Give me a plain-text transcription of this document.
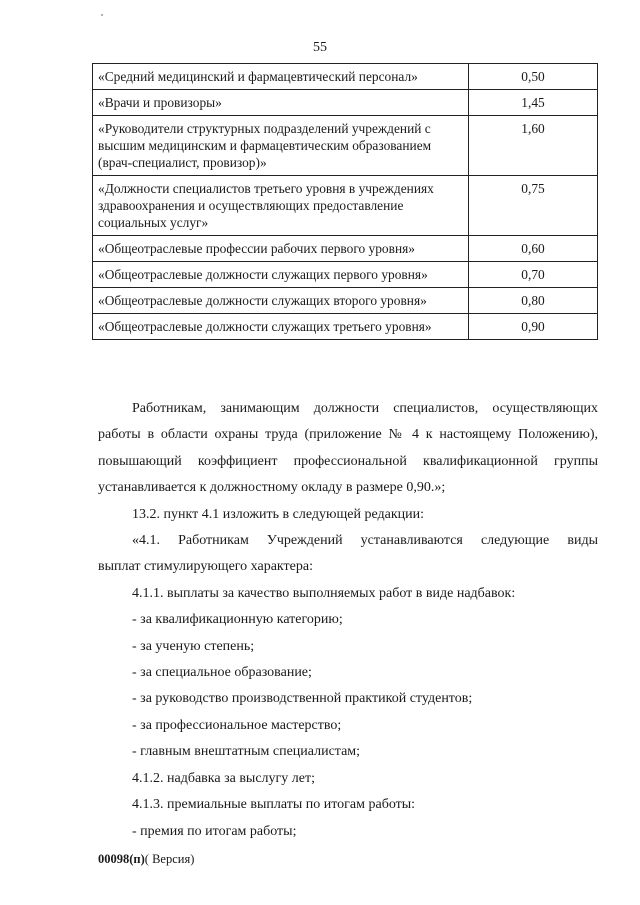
55
«Средний медицинский и фармацевтический персонал»	0,50
«Врачи и провизоры»	1,45
«Руководители структурных подразделений учреждений с высшим медицинским и фармацевтическим образованием (врач-специалист, провизор)»	1,60
«Должности специалистов третьего уровня в учреждениях здравоохранения и осуществляющих предоставление социальных услуг»	0,75
«Общеотраслевые профессии рабочих первого уровня»	0,60
«Общеотраслевые должности служащих первого уровня»	0,70
«Общеотраслевые должности служащих второго уровня»	0,80
«Общеотраслевые должности служащих третьего уровня»	0,90

Работникам, занимающим должности специалистов, осуществляющих

работы в области охраны труда (приложение № 4 к настоящему Положению),

повышающий коэффициент профессиональной квалификационной группы

устанавливается к должностному окладу в размере 0,90.»;

13.2. пункт 4.1 изложить в следующей редакции:

«4.1. Работникам Учреждений устанавливаются следующие виды

выплат стимулирующего характера:

4.1.1. выплаты за качество выполняемых работ в виде надбавок:

- за квалификационную категорию;

- за ученую степень;

- за специальное образование;

- за руководство производственной практикой студентов;

- за профессиональное мастерство;

- главным внештатным специалистам;

4.1.2. надбавка за выслугу лет;

4.1.3. премиальные выплаты по итогам работы:

- премия по итогам работы;

00098(п)( Версия)
